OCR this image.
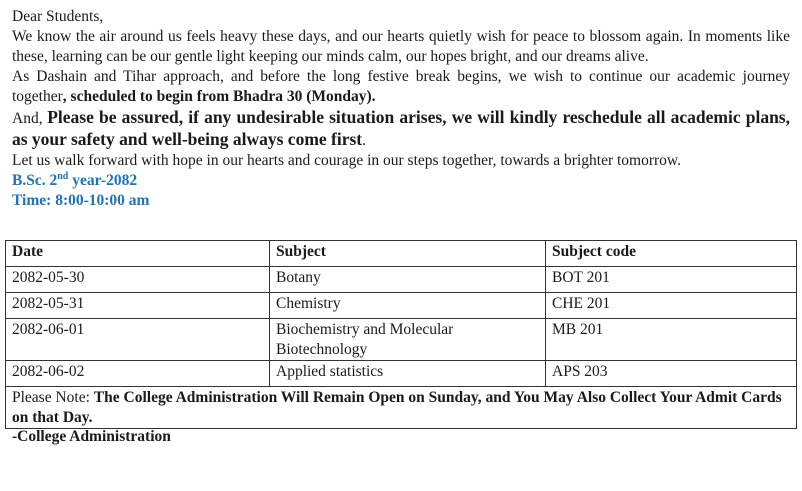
Dear Students,

We know the air around us feels heavy these days, and our hearts quietly wish for peace to blossom again. In moments like these, learning can be our gentle light keeping our minds calm, our hopes bright, and our dreams alive.

As Dashain and Tihar approach, and before the long festive break begins, we wish to continue our academic journey together, scheduled to begin from Bhadra 30 (Monday).

And, Please be assured, if any undesirable situation arises, we will kindly reschedule all academic plans, as your safety and well-being always come first.

Let us walk forward with hope in our hearts and courage in our steps together, towards a brighter tomorrow.

B.Sc. 2nd year-2082

Time: 8:00-10:00 am

Date	Subject	Subject code
2082-05-30	Botany	BOT 201
2082-05-31	Chemistry	CHE 201
2082-06-01	Biochemistry and Molecular Biotechnology	MB 201
2082-06-02	Applied statistics	APS 203
Please Note: The College Administration Will Remain Open on Sunday, and You May Also Collect Your Admit Cards on that Day.		
-College Administration
